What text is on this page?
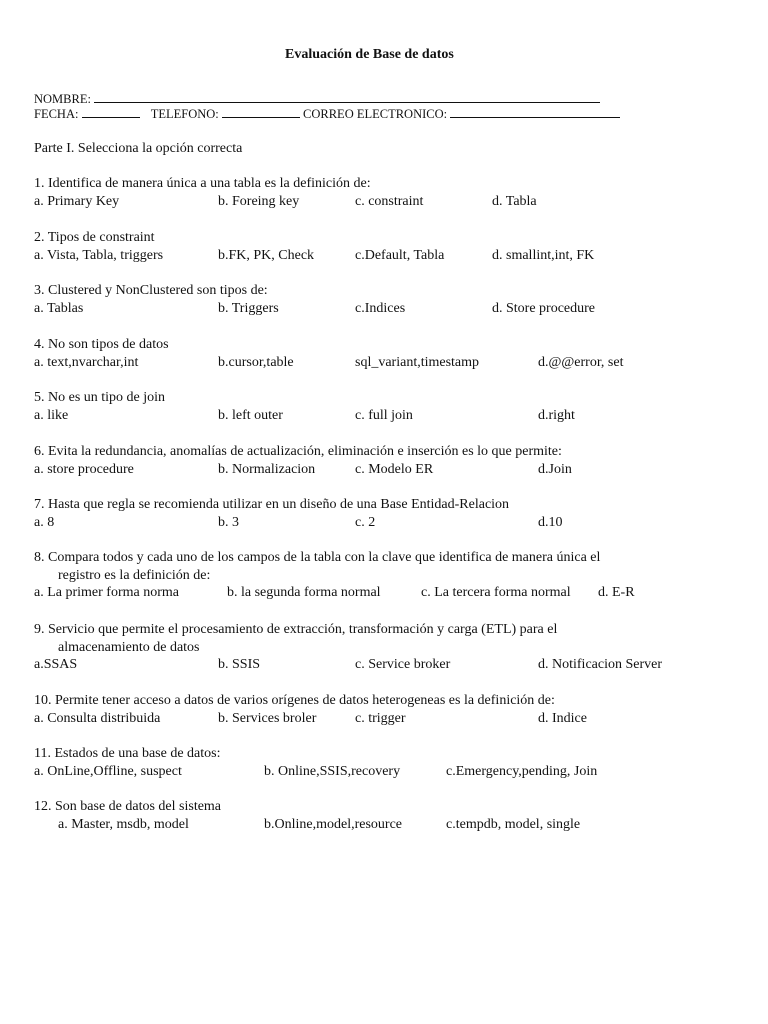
Evaluación de Base de datos
NOMBRE:
FECHA:	TELEFONO:	CORREO ELECTRONICO:
Parte I. Selecciona la opción correcta
1. Identifica de manera única a una tabla es la definición de:
a. Primary Key	b. Foreing key	c. constraint	d. Tabla
2. Tipos de constraint
a. Vista, Tabla, triggers	b.FK, PK, Check	c.Default, Tabla	d. smallint,int, FK
3. Clustered y NonClustered son tipos de:
a. Tablas	b. Triggers	c.Indices	d. Store procedure
4. No son tipos de datos
a. text,nvarchar,int	b.cursor,table	sql_variant,timestamp	d.@@error, set
5. No es un tipo de join
a. like	b. left outer	c. full join	d.right
6. Evita la redundancia, anomalías de actualización, eliminación e inserción es lo que permite:
a. store procedure	b. Normalizacion	c. Modelo ER	d.Join
7. Hasta que regla se recomienda utilizar en un diseño de una Base Entidad-Relacion
a. 8	b. 3	c. 2	d.10
8. Compara todos y cada uno de los campos de la tabla con la clave que identifica de manera única el
registro es la definición de:
a. La primer forma norma	b. la segunda forma normal	c. La tercera forma normal d. E-R
9. Servicio que permite el procesamiento de extracción, transformación y carga (ETL) para el
almacenamiento de datos
a.SSAS	b. SSIS	c. Service broker	d. Notificacion Server
10. Permite tener acceso a datos de varios orígenes de datos heterogeneas es la definición de:
a. Consulta distribuida	b. Services broler	c. trigger	d. Indice
11. Estados de una base de datos:
a. OnLine,Offline, suspect	b. Online,SSIS,recovery	c.Emergency,pending, Join
12. Son base de datos del sistema
a. Master, msdb, model	b.Online,model,resource	c.tempdb, model, single
